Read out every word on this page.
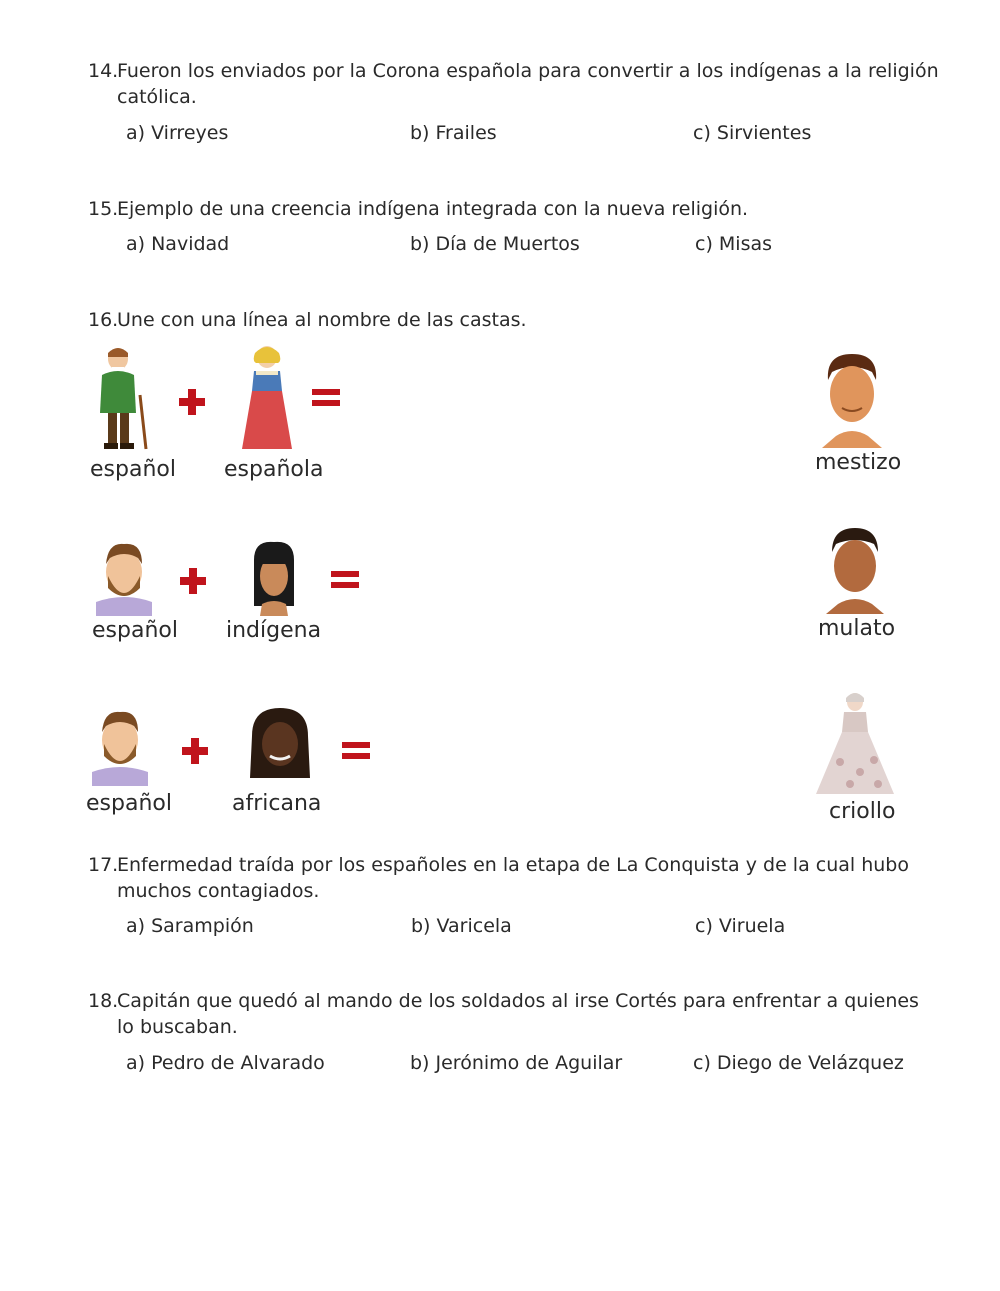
14.
Fueron los enviados por la Corona española para convertir a los indígenas a la religión
católica.
a) Virreyes	b) Frailes	c) Sirvientes
15.
Ejemplo de una creencia indígena integrada con la nueva religión.
a) Navidad	b) Día de Muertos	c) Misas
16.
Une con una línea al nombre de las castas.
español española
español indígena
español	africana
mestizo
mulato
criollo
17.
Enfermedad traída por los españoles en la etapa de La Conquista y de la cual hubo
muchos contagiados.
a) Sarampión	b) Varicela	c) Viruela
18.
Capitán que quedó al mando de los soldados al irse Cortés para enfrentar a quienes
lo buscaban.
a) Pedro de Alvarado	b) Jerónimo de Aguilar	c) Diego de Velázquez
